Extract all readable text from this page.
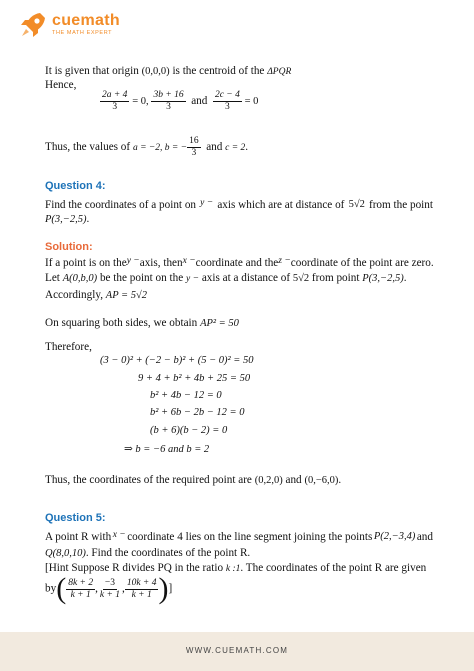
cuemath
THE MATH EXPERT
It is given that origin (0,0,0) is the centroid of the ΔPQR
Hence,
$\frac{2a + 4}{3} = 0$, $\frac{3b + 16}{3}$ and $\frac{2c - 4}{3} = 0$
Thus, the values of a = −2, b = − $\frac{16}{3}$ and c = 2.
Question 4:
Find the coordinates of a point on y − axis which are at distance of 5√2 from the point
P(3,−2,5).
Solution:
If a point is on the y − axis, then x − coordinate and the z − coordinate of the point are zero.
Let A(0,b,0) be the point on the y − axis at a distance of 5√2 from point P(3,−2,5).
Accordingly, AP = 5√2
On squaring both sides, we obtain AP² = 50
Therefore,
(3 − 0)² + (−2 − b)² + (5 − 0)² = 50
9 + 4 + b² + 4b + 25 = 50
b² + 4b − 12 = 0
b² + 6b − 2b − 12 = 0
(b + 6)(b − 2) = 0
⇒ b = −6 and b = 2
Thus, the coordinates of the required point are (0,2,0) and (0,−6,0).
Question 5:
A point R with x − coordinate 4 lies on the line segment joining the points P(2,−3,4) and
Q(8,0,10). Find the coordinates of the point R.
[Hint Suppose R divides PQ in the ratio k :1. The coordinates of the point R are given
$by( \frac{8k + 2}{k + 1}$ , $\frac{-3}{k + 1}$ , $\frac{10k + 4}{k + 1}$ )]
WWW.CUEMATH.COM
